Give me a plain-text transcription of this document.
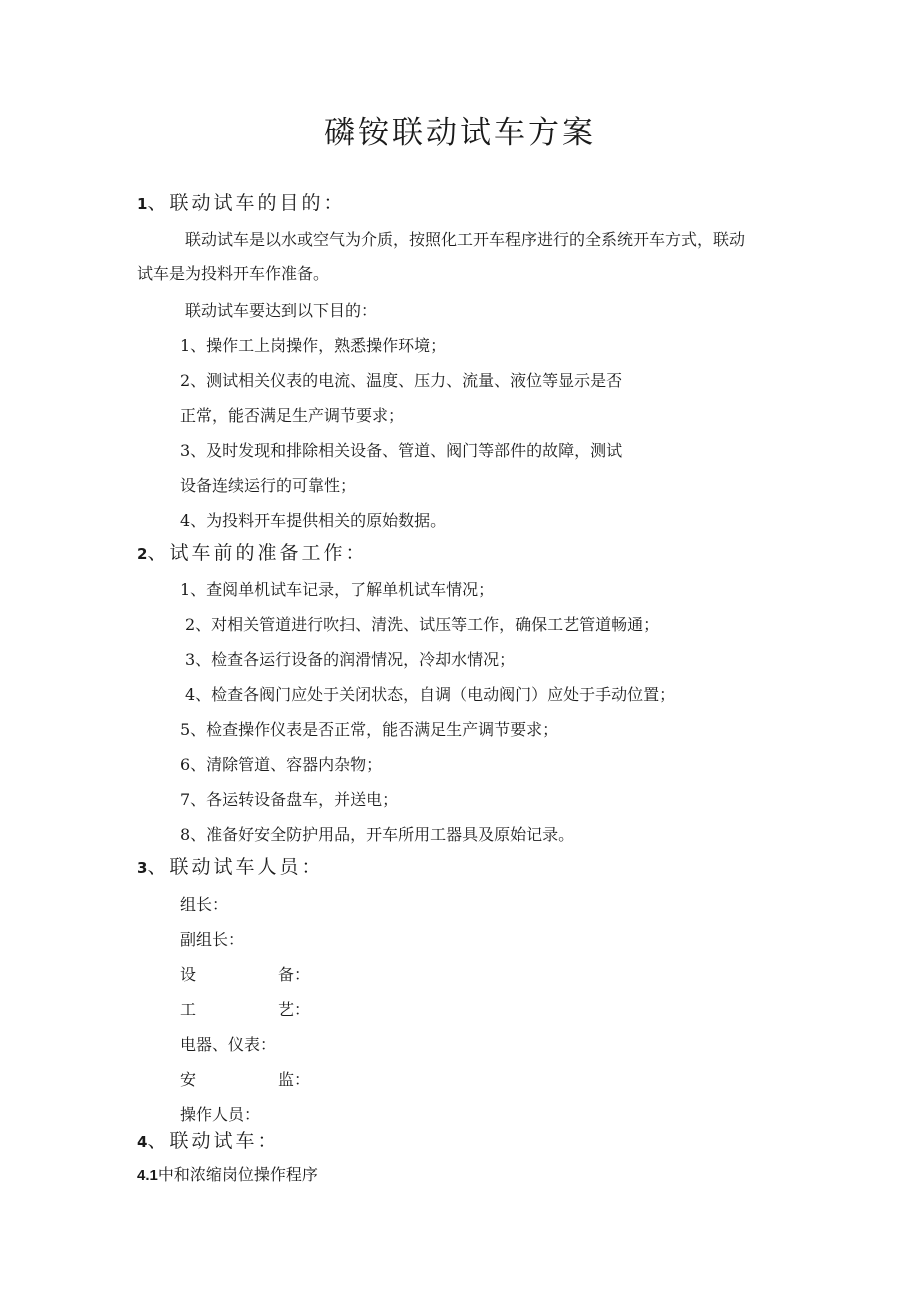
磷铵联动试车方案
1、联动试车的目的：
联动试车是以水或空气为介质，按照化工开车程序进行的全系统开车方式，联动
试车是为投料开车作准备。
联动试车要达到以下目的：
1、操作工上岗操作，熟悉操作环境；
2、测试相关仪表的电流、温度、压力、流量、液位等显示是否
正常，能否满足生产调节要求；
3、及时发现和排除相关设备、管道、阀门等部件的故障，测试
设备连续运行的可靠性；
4、为投料开车提供相关的原始数据。
2、试车前的准备工作：
1、查阅单机试车记录，了解单机试车情况；
2、对相关管道进行吹扫、清洗、试压等工作，确保工艺管道畅通；
3、检查各运行设备的润滑情况，冷却水情况；
4、检查各阀门应处于关闭状态，自调（电动阀门）应处于手动位置；
5、检查操作仪表是否正常，能否满足生产调节要求；
6、清除管道、容器内杂物；
7、各运转设备盘车，并送电；
8、准备好安全防护用品，开车所用工器具及原始记录。
3、联动试车人员：
组长：
副组长：
设	备：
工	艺：
电器、仪表：
安	监：
操作人员：
4、联动试车：
4.1中和浓缩岗位操作程序
